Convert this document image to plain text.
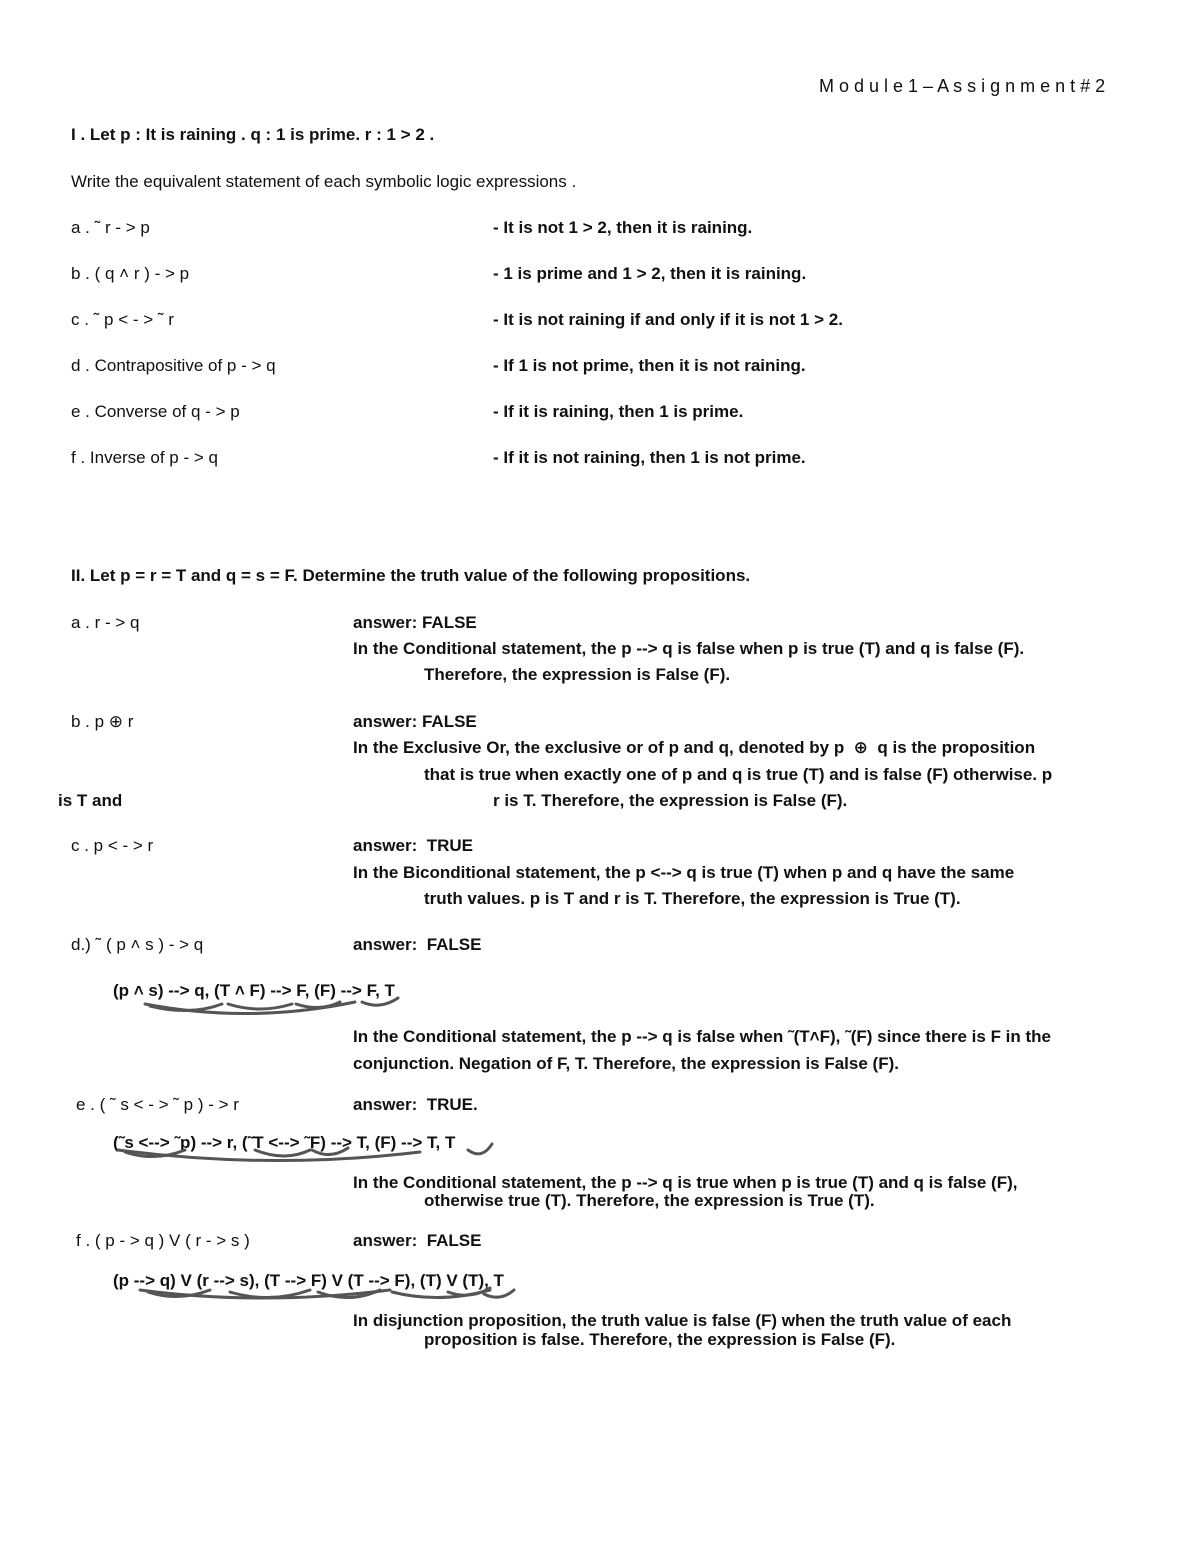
M o d u l e 1 – A s s i g n m e n t # 2
I . Let p : It is raining . q : 1 is prime. r : 1 > 2 .
Write the equivalent statement of each symbolic logic expressions .
a . ˜ r - > p	- It is not 1 > 2, then it is raining.
b . ( q ˄ r ) - > p	- 1 is prime and 1 > 2, then it is raining.
c . ˜ p < - > ˜ r	- It is not raining if and only if it is not 1 > 2.
d . Contrapositive of p - > q	- If 1 is not prime, then it is not raining.
e . Converse of q - > p	- If it is raining, then 1 is prime.
f . Inverse of p - > q	- If it is not raining, then 1 is not prime.
II. Let p = r = T and q = s = F. Determine the truth value of the following propositions.
a . r - > q	answer: FALSE
In the Conditional statement, the p --> q is false when p is true (T) and q is false (F).
Therefore, the expression is False (F).
b . p ⊕ r	answer: FALSE
In the Exclusive Or, the exclusive or of p and q, denoted by p  ⊕  q is the proposition
that is true when exactly one of p and q is true (T) and is false (F) otherwise. p
is T and	r is T. Therefore, the expression is False (F).
c . p < - > r	answer:  TRUE
In the Biconditional statement, the p <--> q is true (T) when p and q have the same
truth values. p is T and r is T. Therefore, the expression is True (T).
d.) ˜ ( p ˄ s ) - > q	answer:  FALSE
(p ˄ s) --> q, (T ˄ F) --> F, (F) --> F, T
In the Conditional statement, the p --> q is false when ˜(T˄F), ˜(F) since there is F in the
conjunction. Negation of F, T. Therefore, the expression is False (F).
e . ( ˜ s < - > ˜ p ) - > r	answer:  TRUE.
(˜s <--> ˜p) --> r, (˜T <--> ˜F) --> T, (F) --> T, T
In the Conditional statement, the p --> q is true when p is true (T) and q is false (F),
otherwise true (T). Therefore, the expression is True (T).
f . ( p - > q ) V ( r - > s )	answer:  FALSE
(p --> q) V (r --> s), (T --> F) V (T --> F), (T) V (T), T
In disjunction proposition, the truth value is false (F) when the truth value of each
proposition is false. Therefore, the expression is False (F).
